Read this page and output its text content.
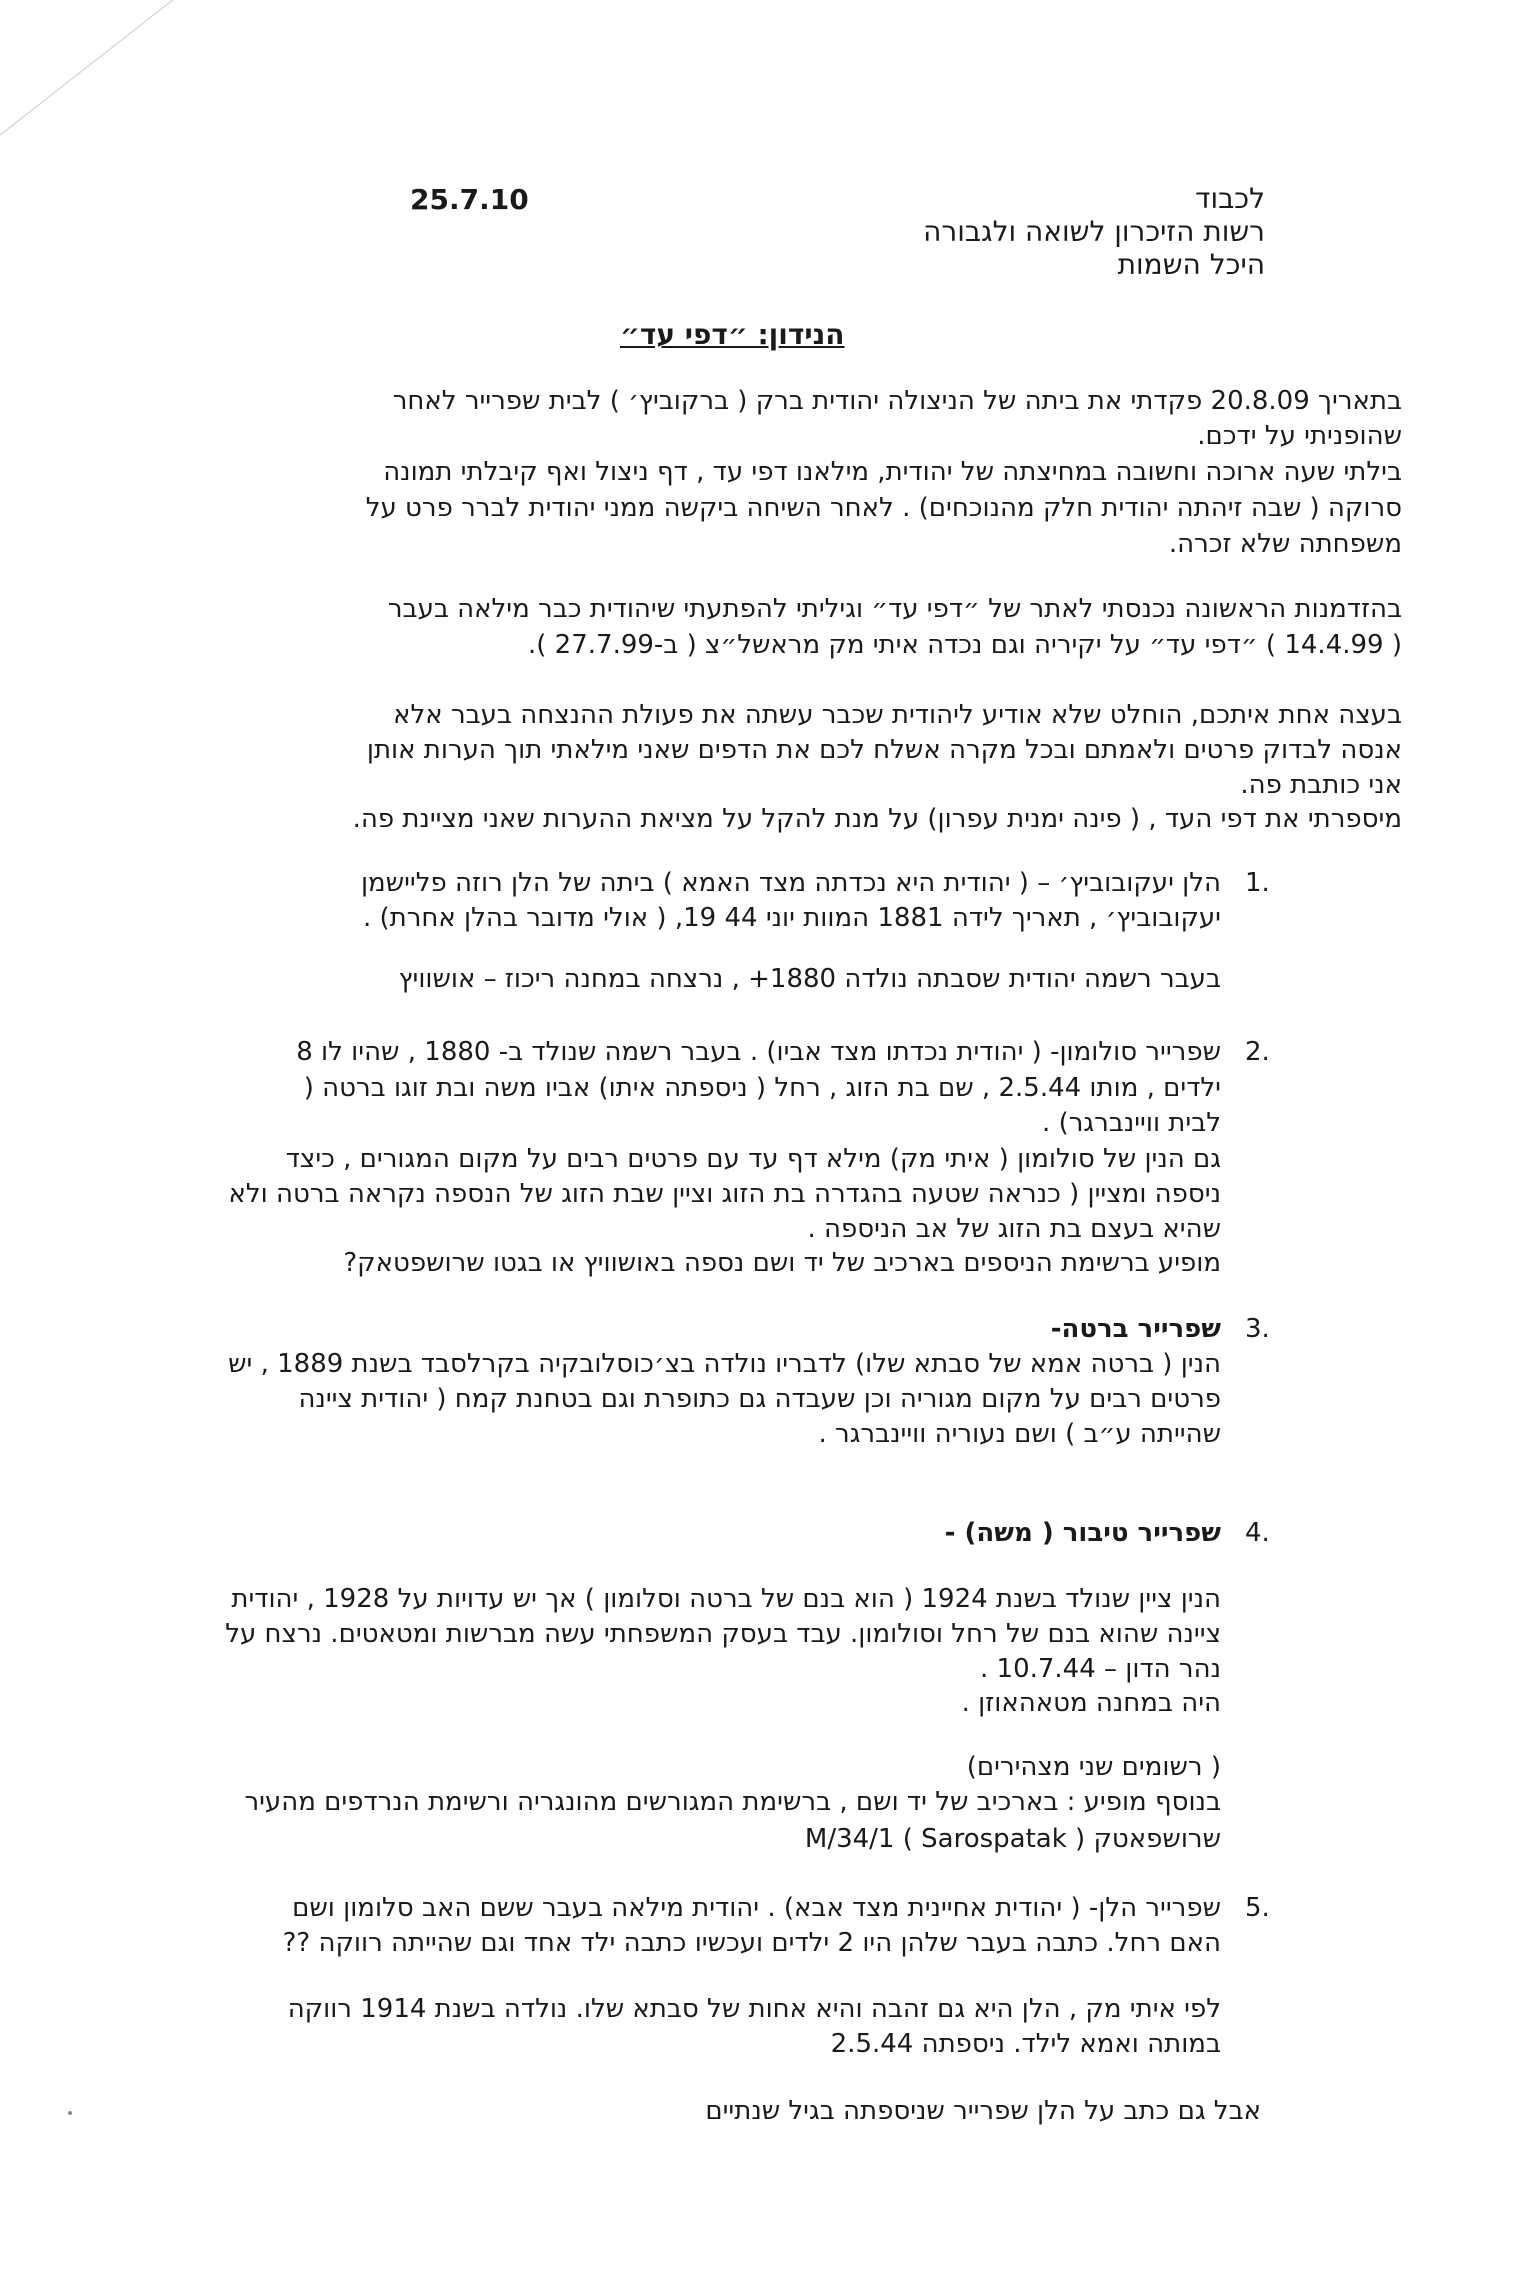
לכבוד
רשות הזיכרון לשואה ולגבורה
היכל השמות
25.7.10
הנידון: ״דפי עד״
בתאריך 20.8.09 פקדתי את ביתה של הניצולה יהודית ברק ( ברקוביץ׳ ) לבית שפרייר לאחר
שהופניתי על ידכם.
בילתי שעה ארוכה וחשובה במחיצתה של יהודית, מילאנו דפי עד , דף ניצול ואף קיבלתי תמונה
סרוקה ( שבה זיהתה יהודית חלק מהנוכחים) . לאחר השיחה ביקשה ממני יהודית לברר פרט על
משפחתה שלא זכרה.
בהזדמנות הראשונה נכנסתי לאתר של ״דפי עד״ וגיליתי להפתעתי שיהודית כבר מילאה בעבר
( 14.4.99 ) ״דפי עד״ על יקיריה וגם נכדה איתי מק מראשל״צ ( ב-27.7.99 ).
בעצה אחת איתכם, הוחלט שלא אודיע ליהודית שכבר עשתה את פעולת ההנצחה בעבר אלא
אנסה לבדוק פרטים ולאמתם ובכל מקרה אשלח לכם את הדפים שאני מילאתי תוך הערות אותן
אני כותבת פה.
מיספרתי את דפי העד , ( פינה ימנית עפרון) על מנת להקל על מציאת ההערות שאני מציינת פה.
1.
הלן יעקובוביץ׳ – ( יהודית היא נכדתה מצד האמא ) ביתה של הלן רוזה פליישמן
יעקובוביץ׳ , תאריך לידה 1881 המוות יוני 44 19, ( אולי מדובר בהלן אחרת) .
בעבר רשמה יהודית שסבתה נולדה 1880+ , נרצחה במחנה ריכוז – אושוויץ
2.
שפרייר סולומון- ( יהודית נכדתו מצד אביו) . בעבר רשמה שנולד ב- 1880 , שהיו לו 8
ילדים , מותו 2.5.44 , שם בת הזוג , רחל ( ניספתה איתו) אביו משה ובת זוגו ברטה (
לבית וויינברגר) .
גם הנין של סולומון ( איתי מק) מילא דף עד עם פרטים רבים על מקום המגורים , כיצד
ניספה ומציין ( כנראה שטעה בהגדרה בת הזוג וציין שבת הזוג של הנספה נקראה ברטה ולא
שהיא בעצם בת הזוג של אב הניספה .
מופיע ברשימת הניספים בארכיב של יד ושם נספה באושוויץ או בגטו שרושפטאק?
3.
שפרייר ברטה-
הנין ( ברטה אמא של סבתא שלו) לדבריו נולדה בצ׳כוסלובקיה בקרלסבד בשנת 1889 , יש
פרטים רבים על מקום מגוריה וכן שעבדה גם כתופרת וגם בטחנת קמח ( יהודית ציינה
שהייתה ע״ב ) ושם נעוריה וויינברגר .
4.
שפרייר טיבור ( משה) -
הנין ציין שנולד בשנת 1924 ( הוא בנם של ברטה וסלומון ) אך יש עדויות על 1928 , יהודית
ציינה שהוא בנם של רחל וסולומון. עבד בעסק המשפחתי עשה מברשות ומטאטים. נרצח על
נהר הדון – 10.7.44 .
היה במחנה מטאהאוזן .
( רשומים שני מצהירים)
בנוסף מופיע : בארכיב של יד ושם , ברשימת המגורשים מהונגריה ורשימת הנרדפים מהעיר
שרושפאטק ( Sarospatak ) M/34/1
5.
שפרייר הלן- ( יהודית אחיינית מצד אבא) . יהודית מילאה בעבר ששם האב סלומון ושם
האם רחל. כתבה בעבר שלהן היו 2 ילדים ועכשיו כתבה ילד אחד וגם שהייתה רווקה ??
לפי איתי מק , הלן היא גם זהבה והיא אחות של סבתא שלו. נולדה בשנת 1914 רווקה
במותה ואמא לילד. ניספתה 2.5.44
אבל גם כתב על הלן שפרייר שניספתה בגיל שנתיים
